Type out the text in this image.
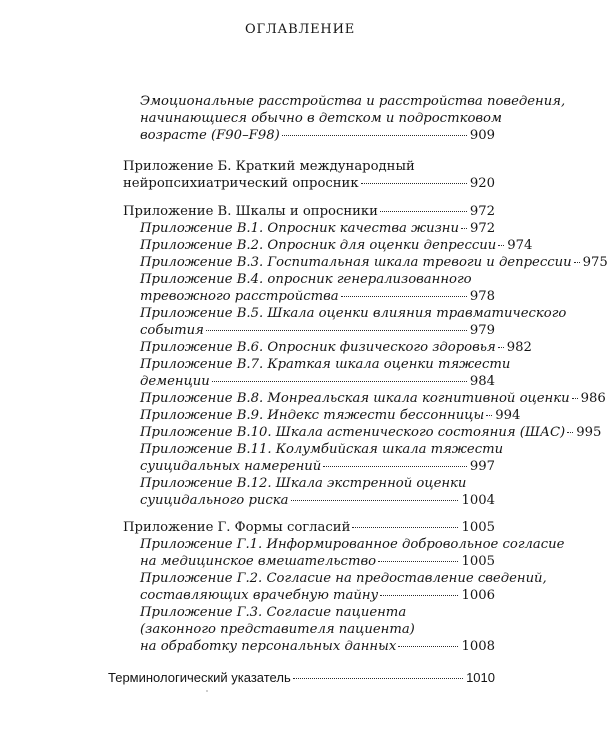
ОГЛАВЛЕНИЕ
Эмоциональные расстройства и расстройства поведения,
начинающиеся обычно в детском и подростковом
возрасте (F90–F98)	909
Приложение Б. Краткий международный
нейропсихиатрический опросник	920
Приложение В. Шкалы и опросники	972
Приложение В.1. Опросник качества жизни 972
Приложение В.2. Опросник для оценки депрессии 974
Приложение В.3. Госпитальная шкала тревоги и депрессии 975
Приложение В.4. опросник генерализованного
тревожного расстройства	978
Приложение В.5. Шкала оценки влияния травматического
события	979
Приложение В.6. Опросник физического здоровья 982
Приложение В.7. Краткая шкала оценки тяжести
деменции	984
Приложение В.8. Монреальская шкала когнитивной оценки 986
Приложение В.9. Индекс тяжести бессонницы 994
Приложение В.10. Шкала астенического состояния (ШАС) 995
Приложение В.11. Колумбийская шкала тяжести
суицидальных намерений	997
Приложение В.12. Шкала экстренной оценки
суицидального риска	1004
Приложение Г. Формы согласий	1005
Приложение Г.1. Информированное добровольное согласие
на медицинское вмешательство	1005
Приложение Г.2. Согласие на предоставление сведений,
составляющих врачебную тайну	1006
Приложение Г.3. Согласие пациента
(законного представителя пациента)
на обработку персональных данных	1008
Терминологический указатель	1010
